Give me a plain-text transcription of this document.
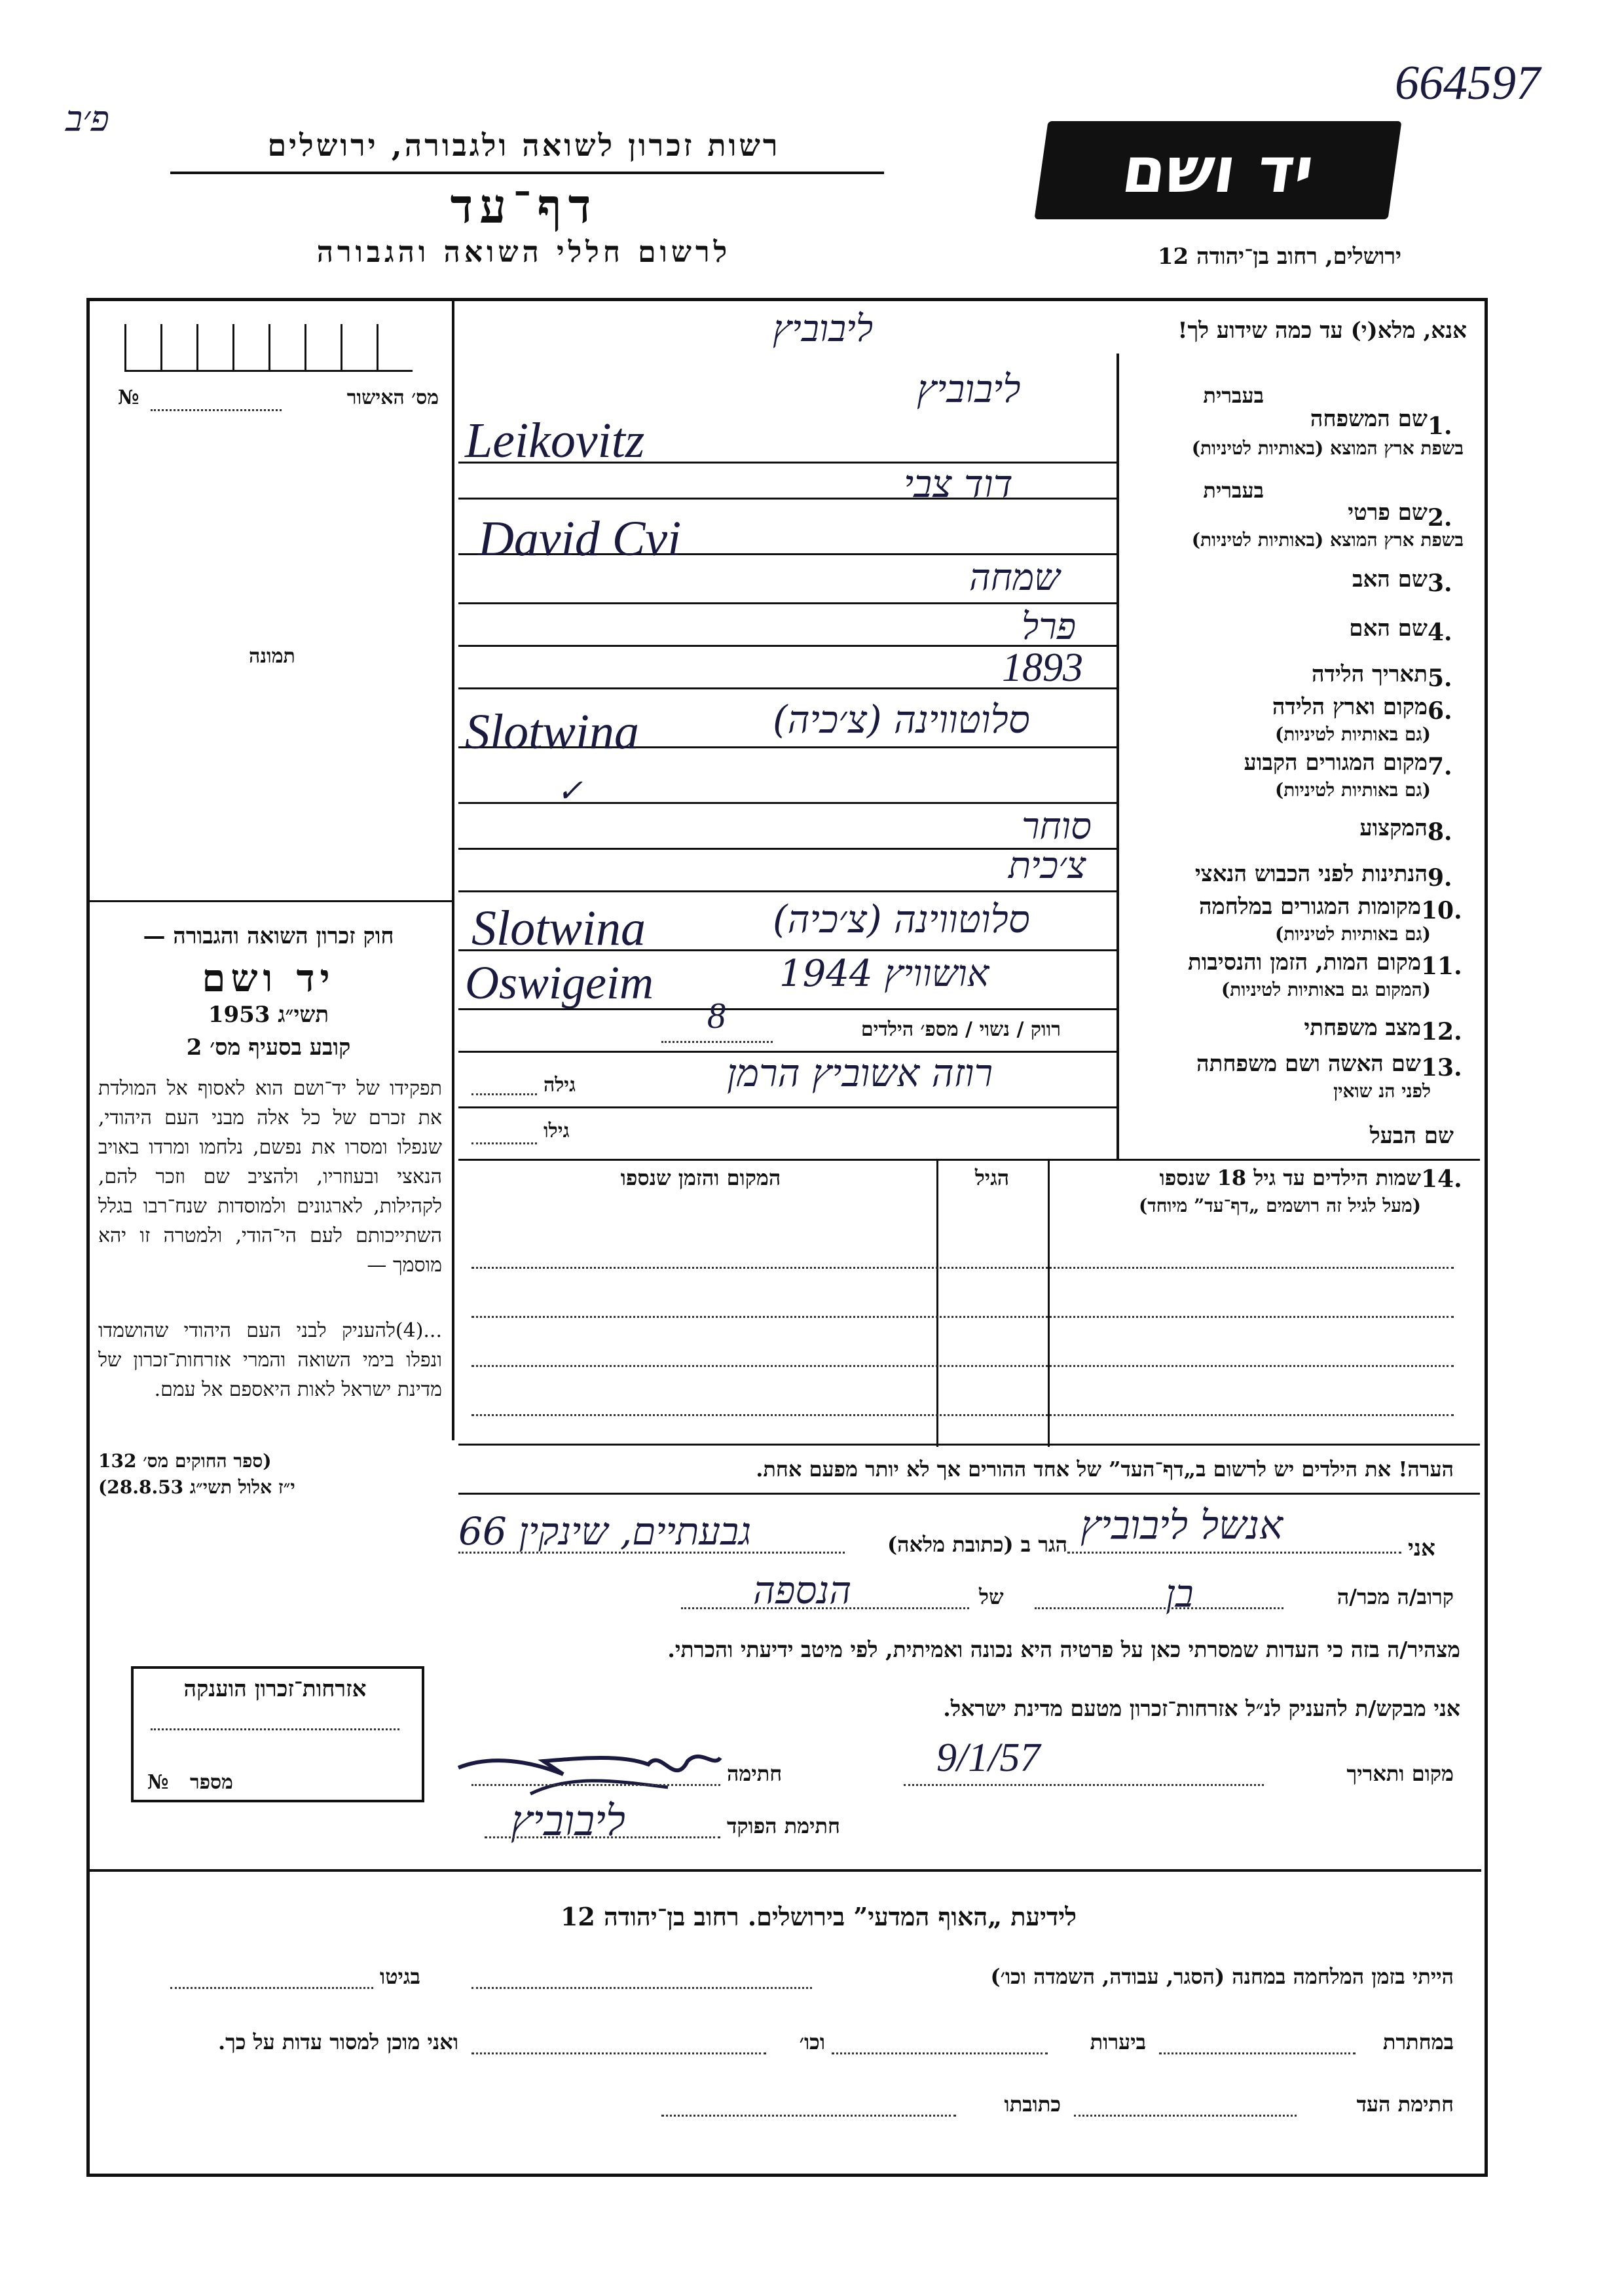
664597
פ׳ב
רשות זכרון לשואה ולגבורה, ירושלים
דף־עד
לרשום חללי השואה והגבורה
יד ושם
ירושלים, רחוב בן־יהודה 12
מס׳ האישור
№
תמונה
חוק זכרון השואה והגבורה —
יד ושם
תשי״ג 1953
קובע בסעיף מס׳ 2
תפקידו של יד־ושם הוא לאסוף אל המולדת את זכרם של כל אלה מבני העם היהודי, שנפלו ומסרו את נפשם, נלחמו ומרדו באויב הנאצי ובעוזריו, ולהציב שם וזכר להם, לקהילות, לארגונים ולמוסדות שנח־רבו בגלל השתייכותם לעם הי־הודי, ולמטרה זו יהא מוסמך —
...(4)להעניק לבני העם היהודי שהושמדו ונפלו בימי השואה והמרי אזרחות־זכרון של מדינת ישראל לאות היאספם אל עמם.
(ספר החוקים מס׳ 132
י״ז אלול תשי״ג 28.8.53)
אזרחות־זכרון הוענקה
מספר
№
אנא, מלא(י) עד כמה שידוע לך!
ליבוביץ
1.
שם המשפחה
בעברית
בשפת ארץ המוצא (באותיות לטיניות)
ליבוביץ
Leikovitz
2.
שם פרטי
בעברית
בשפת ארץ המוצא (באותיות לטיניות)
דוד צבי
David Cvi
3.
שם האב
שמחה
4.
שם האם
פרל
5.
תאריך הלידה
1893
6.
מקום וארץ הלידה
(גם באותיות לטיניות)
סלוטווינה (צ׳כיה)
Slotwina
7.
מקום המגורים הקבוע
(גם באותיות לטיניות)
✓
8.
המקצוע
סוחר
9.
הנתינות לפני הכבוש הנאצי
צ׳כית
10.
מקומות המגורים במלחמה
(גם באותיות לטיניות)
סלוטווינה (צ׳כיה)
Slotwina
11.
מקום המות, הזמן והנסיבות
(המקום גם באותיות לטיניות)
אושוויץ 1944
Oswigeim
12.
מצב משפחתי
רווק / נשוי / מספ׳ הילדים
8
13.
שם האשה ושם משפחתה
לפני הנ שואין
גילה	רוזה אשוביץ הרמן
שם הבעל
גילו
14.
שמות הילדים עד גיל 18 שנספו
(מעל לגיל זה רושמים „דף־עד” מיוחד)
הגיל
המקום והזמן שנספו
הערה! את הילדים יש לרשום ב„דף־העד” של אחד ההורים אך לא יותר מפעם אחת.
אני
אנשל ליבוביץ
הגר ב (כתובת מלאה)
גבעתיים, שינקין 66
קרוב/ה מכר/ה
בן
של
הנספה
מצהיר/ה בזה כי העדות שמסרתי כאן על פרטיה היא נכונה ואמיתית, לפי מיטב ידיעתי והכרתי.
אני מבקש/ת להעניק לנ״ל אזרחות־זכרון מטעם מדינת ישראל.
מקום ותאריך
9/1/57
חתימה
חתימת הפוקד
ליבוביץ
לידיעת „האוף המדעי” בירושלים. רחוב בן־יהודה 12
הייתי בזמן המלחמה במחנה (הסגר, עבודה, השמדה וכו׳)
בגיטו
במחתרת
ביערות
וכו׳
ואני מוכן למסור עדות על כך.
חתימת העד
כתובתו
